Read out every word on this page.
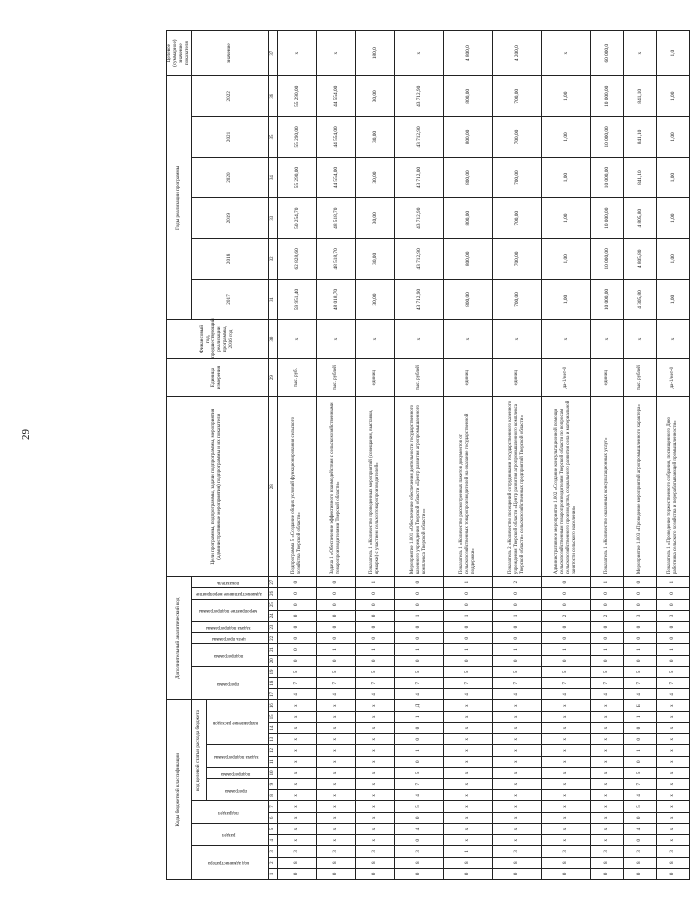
29
Коды бюджетной классификации																Дополнительный аналитический код											Цели программы, подпрограммы, задачи подпрограммы, мероприятия (административные мероприятия) подпрограммы и их показатели	Единица измерения	Финансовый год, предшествующий реализации программы, 2016 год	Годы реализации программы						Целевое (суммарное) значение показателя
код администратора			раздел		подраздел		код целевой статьи расхода бюджета									программа			подпрограмма		цель программы	задача подпрограммы	мероприятие подпрограммы		административное мероприятие	показатель				2017	2018	2019	2020	2021	2022	значение
							программа		подпрограмма	задача подпрограммы		направление расходов																								
1	2	3	4	5	6	7	8	9	10	11	12	13	14	15	16	17	18	19	20	21	22	23	24	25	26	27	28	29	30	31	32	33	34	35	36	37
0	8	3	x	x	x	x	x	x	x	x	x	x	x	x	x	4	7	5	0	0	0	0	0	0	0	0	Подпрограмма 5 «Создание общих условий функционирования сельского хозяйства Тверской области»	тыс. руб.	x	59 951,40	62 828,60	50 254,70	55 290,00	55 290,00	55 290,00	x
0	8	3	x	x	x	x	x	x	x	x	x	x	x	x	x	4	7	5	0	1	0	0	0	0	0	0	Задача 1 «Обеспечение эффективного взаимодействия с сельскохозяйственными товаропроизводителями Тверской области»	тыс. рублей	x	48 018,70	48 518,70	48 518,70	44 554,00	44 554,00	44 554,00	x
0	8	3	x	x	x	x	x	x	x	x	x	x	x	x	x	4	7	5	0	1	0	0	0	0	0	1	Показатель 1 «Количество проведенных мероприятий (совещания, выставки, ярмарки) с участием сельхозтоваропроизводителей»	единиц	x	30,00	30,00	30,00	30,00	30,00	30,00	180,0
0	8	3	0	4	0	5	4	7	5	0	1	0	0	1	Д	4	7	5	0	1	0	0	1	0	0	0	Мероприятие 1.001 «Обеспечение обеспечения деятельности государственного казенного учреждения Тверской области «Центр развития агропромышленного комплекса Тверской области»»	тыс. рублей	x	43 712,90	43 712,90	43 712,90	43 712,00	43 712,90	43 712,90	x
0	8	1	x	x	x	x	x	x	x	x	x	x	x	x	x	4	7	5	0	1	0	0	1	0	0	1	Показатель 1 «Количество рассмотренных пакетов документов от сельскохозяйственных товаропроизводителей на оказание государственной поддержки»	единиц	x	800,00	800,00	800,00	800,00	800,00	800,00	4 800,0
0	8	3	x	x	x	x	x	x	x	x	x	x	x	x	x	4	7	5	0	1	0	0	1	0	0	2	Показатель 2 «Количество посещений сотрудниками государственного казенного учреждения Тверской области «Центр развития агропромышленного комплекса Тверской области» сельскохозяйственных предприятий Тверской области»	единиц	x	700,00	700,00	700,00	700,00	700,00	700,00	4 200,0
0	8	3	x	x	x	x	x	x	x	x	x	x	x	x	x	4	7	5	0	1	0	0	2	0	0	0	Административное мероприятие 1.002 «Создание консультационной помощи сельскохозяйственным товаропроизводителям Тверской области по вопросам сельскохозяйственного производства, социального развития села и материальной занятости сельского населения»	да-1/нет-0	x	1,00	1,00	1,00	1,00	1,00	1,00	x
0	8	3	x	x	x	x	x	x	x	x	x	x	x	x	x	4	7	5	0	1	0	0	2	0	0	1	Показатель 1 «Количество оказанных консультационных услуг»	единиц	x	10 000,00	10 000,00	10 000,00	10 000,00	10 000,00	10 000,00	60 000,0
0	8	3	0	4	0	5	4	7	5	0	1	0	0	1	Б	4	7	5	0	1	0	0	3	0	0	0	Мероприятие 1.003 «Проведение мероприятий агропромышленного характера»	тыс. рублей	x	4 305,80	4 805,80	4 805,80	841,10	841,10	841,10	x
0	8	3	x	x	x	x	x	x	x	x	x	x	x	x	x	4	7	5	0	1	0	0	3	0	0	1	Показатель 1 «Проведение торжественного собрания, посвященного Дню работника сельского хозяйства и перерабатывающей промышленности»	да-1/нет-0	x	1,00	1,00	1,00	1,00	1,00	1,00	1,0
